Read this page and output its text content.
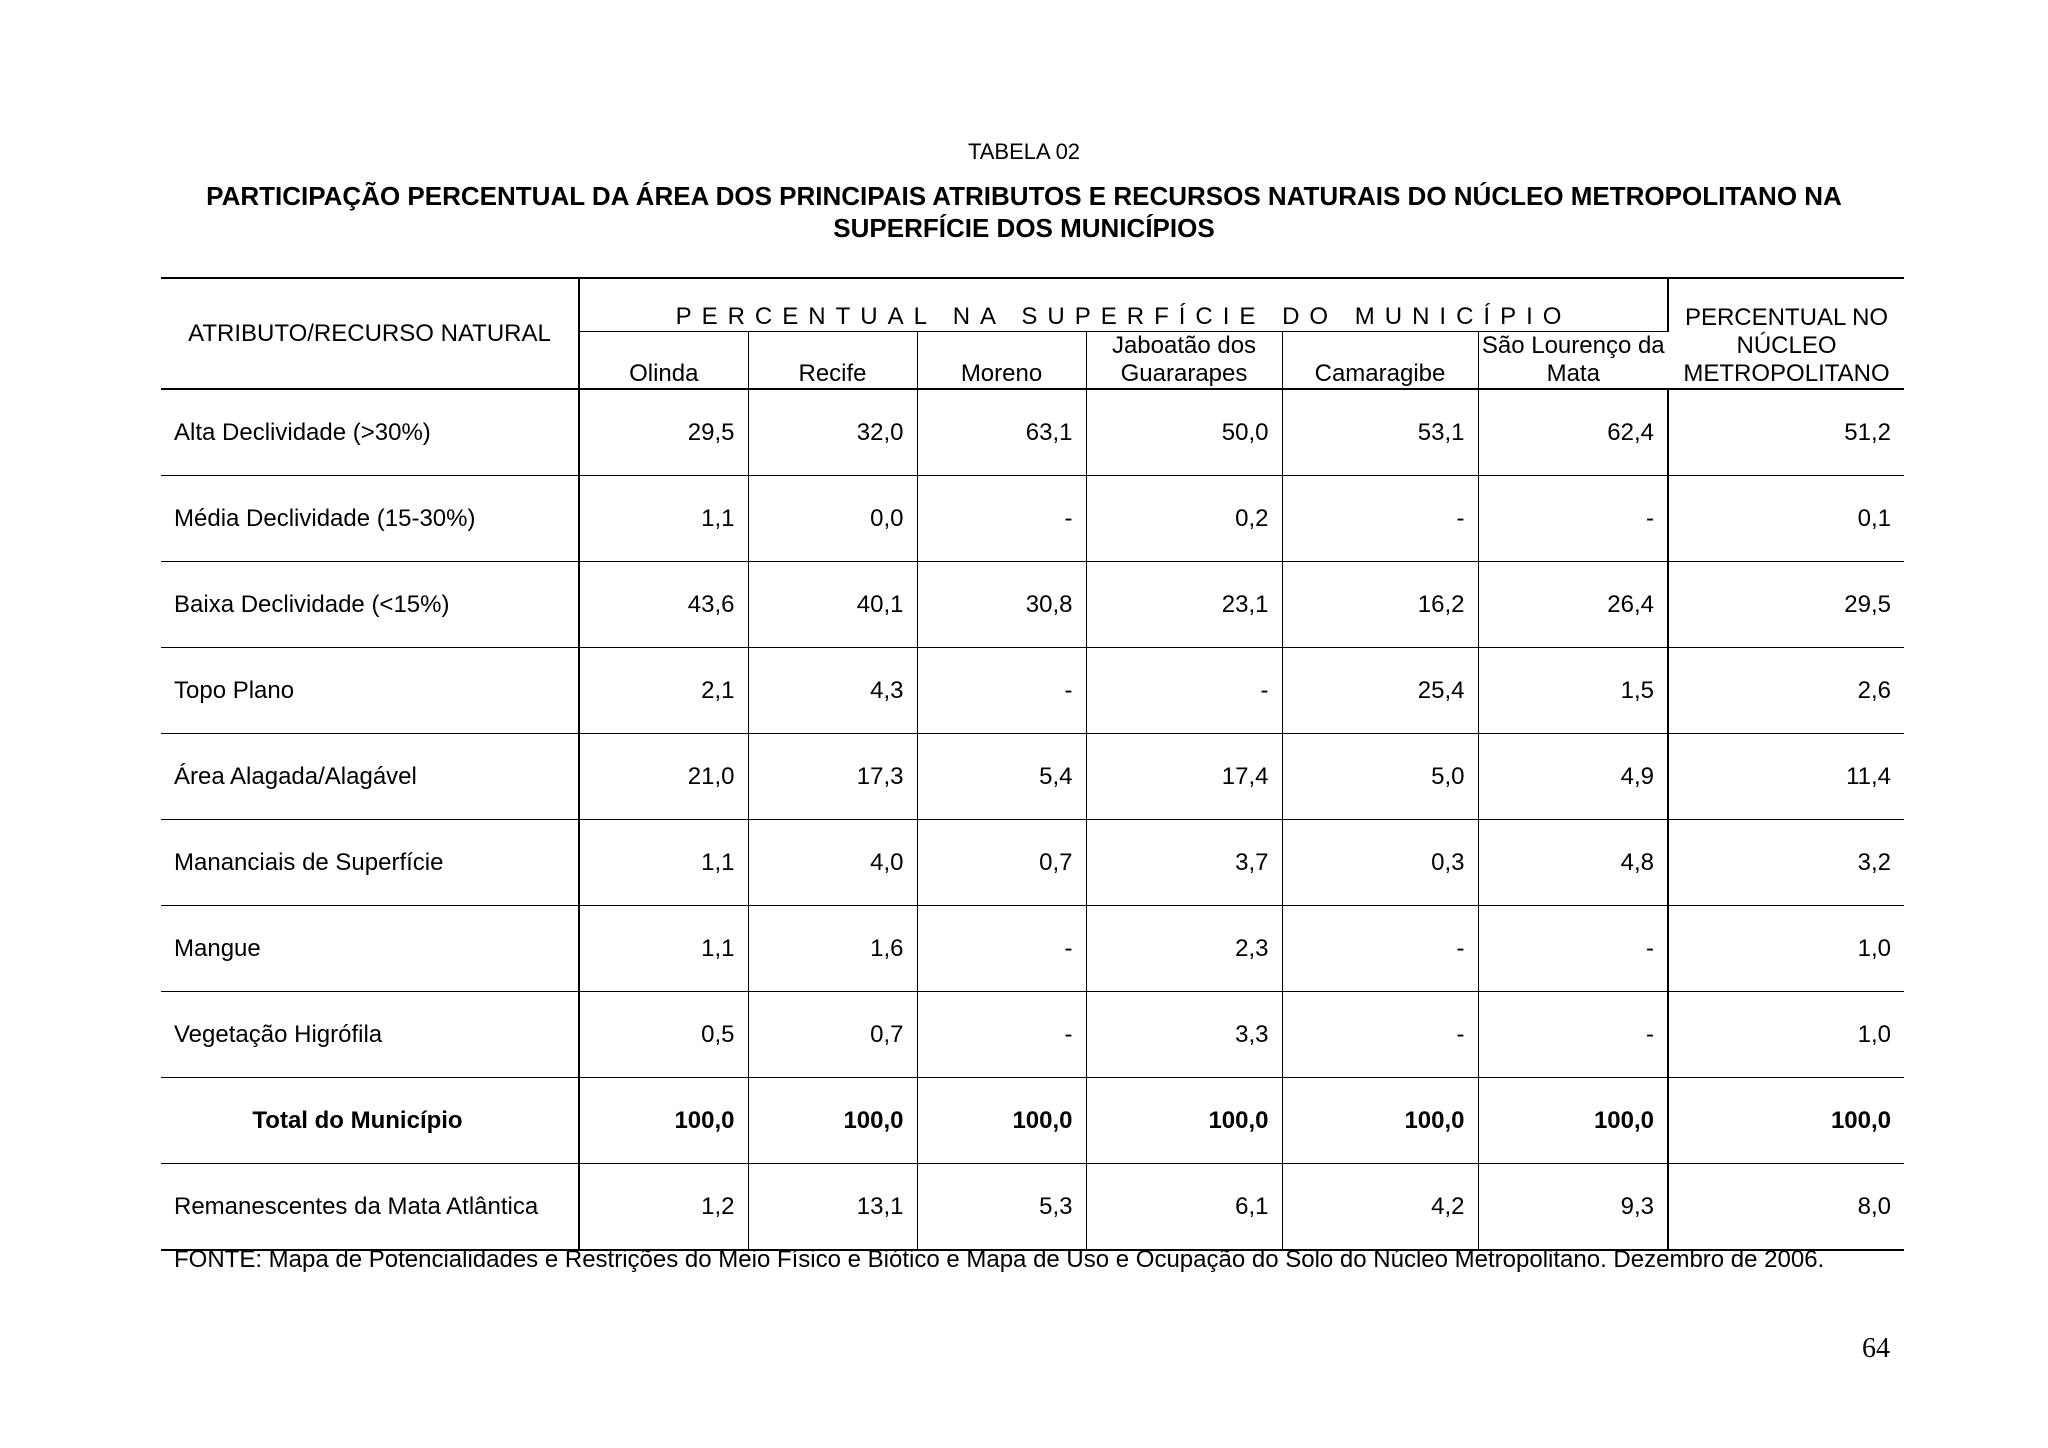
TABELA 02
PARTICIPAÇÃO PERCENTUAL DA ÁREA DOS PRINCIPAIS ATRIBUTOS E RECURSOS NATURAIS DO NÚCLEO METROPOLITANO NA SUPERFÍCIE DOS MUNICÍPIOS
ATRIBUTO/RECURSO NATURAL	PERCENTUAL NA SUPERFÍCIE DO MUNICÍPIO						PERCENTUAL NO NÚCLEO METROPOLITANO
	Olinda	Recife	Moreno	Jaboatão dos Guararapes	Camaragibe	São Lourenço da Mata	
Alta Declividade (>30%)	29,5	32,0	63,1	50,0	53,1	62,4	51,2
Média Declividade (15-30%)	1,1	0,0	-	0,2	-	-	0,1
Baixa Declividade (<15%)	43,6	40,1	30,8	23,1	16,2	26,4	29,5
Topo Plano	2,1	4,3	-	-	25,4	1,5	2,6
Área Alagada/Alagável	21,0	17,3	5,4	17,4	5,0	4,9	11,4
Mananciais de Superfície	1,1	4,0	0,7	3,7	0,3	4,8	3,2
Mangue	1,1	1,6	-	2,3	-	-	1,0
Vegetação Higrófila	0,5	0,7	-	3,3	-	-	1,0
Total do Município	100,0	100,0	100,0	100,0	100,0	100,0	100,0
Remanescentes da Mata Atlântica	1,2	13,1	5,3	6,1	4,2	9,3	8,0
FONTE: Mapa de Potencialidades e Restrições do Meio Físico e Biótico e Mapa de Uso e Ocupação do Solo do Núcleo Metropolitano. Dezembro de 2006.
64
